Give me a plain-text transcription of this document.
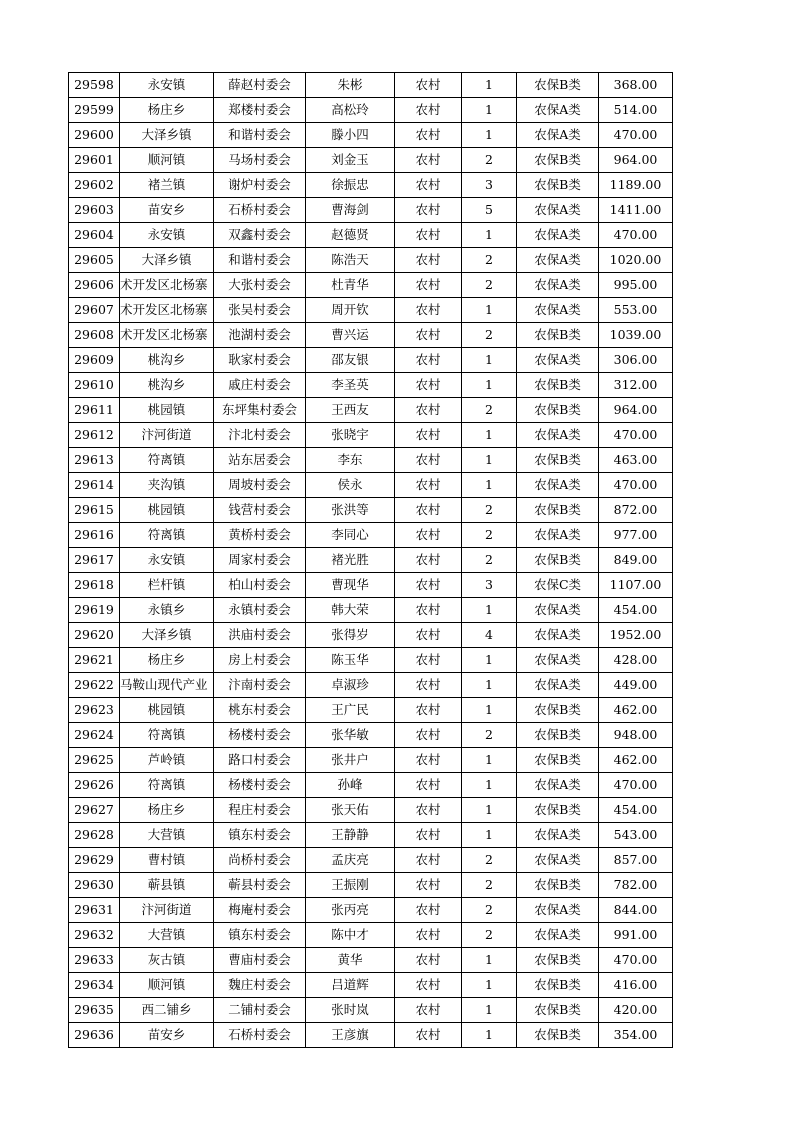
29598	永安镇	薛赵村委会	朱彬	农村	1	农保B类	368.00
29599	杨庄乡	郑楼村委会	高松玲	农村	1	农保A类	514.00
29600	大泽乡镇	和谐村委会	滕小四	农村	1	农保A类	470.00
29601	顺河镇	马场村委会	刘金玉	农村	2	农保B类	964.00
29602	褚兰镇	谢炉村委会	徐振忠	农村	3	农保B类	1189.00
29603	苗安乡	石桥村委会	曹海剑	农村	5	农保A类	1411.00
29604	永安镇	双鑫村委会	赵德贤	农村	1	农保A类	470.00
29605	大泽乡镇	和谐村委会	陈浩天	农村	2	农保A类	1020.00
29606	术开发区北杨寨	大张村委会	杜青华	农村	2	农保A类	995.00
29607	术开发区北杨寨	张吴村委会	周开钦	农村	1	农保A类	553.00
29608	术开发区北杨寨	池湖村委会	曹兴运	农村	2	农保B类	1039.00
29609	桃沟乡	耿家村委会	邵友银	农村	1	农保A类	306.00
29610	桃沟乡	戚庄村委会	李圣英	农村	1	农保B类	312.00
29611	桃园镇	东坪集村委会	王西友	农村	2	农保B类	964.00
29612	汴河街道	汴北村委会	张晓宇	农村	1	农保A类	470.00
29613	符离镇	站东居委会	李东	农村	1	农保B类	463.00
29614	夹沟镇	周坡村委会	侯永	农村	1	农保A类	470.00
29615	桃园镇	钱营村委会	张洪等	农村	2	农保B类	872.00
29616	符离镇	黄桥村委会	李同心	农村	2	农保A类	977.00
29617	永安镇	周家村委会	褚光胜	农村	2	农保B类	849.00
29618	栏杆镇	柏山村委会	曹现华	农村	3	农保C类	1107.00
29619	永镇乡	永镇村委会	韩大荣	农村	1	农保A类	454.00
29620	大泽乡镇	洪庙村委会	张得岁	农村	4	农保A类	1952.00
29621	杨庄乡	房上村委会	陈玉华	农村	1	农保A类	428.00
29622	马鞍山现代产业	汴南村委会	卓淑珍	农村	1	农保A类	449.00
29623	桃园镇	桃东村委会	王广民	农村	1	农保B类	462.00
29624	符离镇	杨楼村委会	张华敏	农村	2	农保B类	948.00
29625	芦岭镇	路口村委会	张井户	农村	1	农保B类	462.00
29626	符离镇	杨楼村委会	孙峰	农村	1	农保A类	470.00
29627	杨庄乡	程庄村委会	张天佑	农村	1	农保B类	454.00
29628	大营镇	镇东村委会	王静静	农村	1	农保A类	543.00
29629	曹村镇	尚桥村委会	孟庆亮	农村	2	农保A类	857.00
29630	蕲县镇	蕲县村委会	王振刚	农村	2	农保B类	782.00
29631	汴河街道	梅庵村委会	张丙亮	农村	2	农保A类	844.00
29632	大营镇	镇东村委会	陈中才	农村	2	农保A类	991.00
29633	灰古镇	曹庙村委会	黄华	农村	1	农保B类	470.00
29634	顺河镇	魏庄村委会	吕道辉	农村	1	农保B类	416.00
29635	西二铺乡	二铺村委会	张时岚	农村	1	农保B类	420.00
29636	苗安乡	石桥村委会	王彦旗	农村	1	农保B类	354.00
